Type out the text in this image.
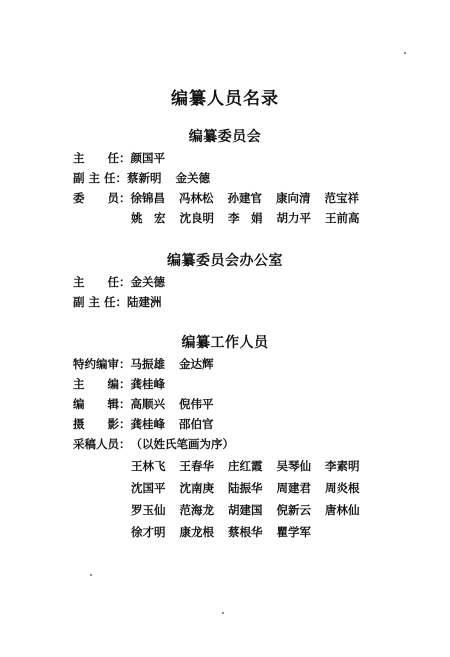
编纂人员名录
编纂委员会
主　　任：颜国平
副 主 任：蔡新明 金关德
委　　员：徐锦昌 冯林松 孙建官 康向清 范宝祥
姚　宏 沈良明 李　娟 胡力平 王前高
编纂委员会办公室
主　　任：金关德
副 主 任：陆建洲
编纂工作人员
特约编审：马振雄 金达辉
主　　编：龚桂峰
编　　辑：高顺兴 倪伟平
摄　　影：龚桂峰 邵伯官
采稿人员：（以姓氏笔画为序）
王林飞 王春华 庄红霞 吴琴仙 李素明
沈国平 沈南庚 陆振华 周建君 周炎根
罗玉仙 范海龙 胡建国 倪新云 唐林仙
徐才明 康龙根 蔡根华 瞿学军
